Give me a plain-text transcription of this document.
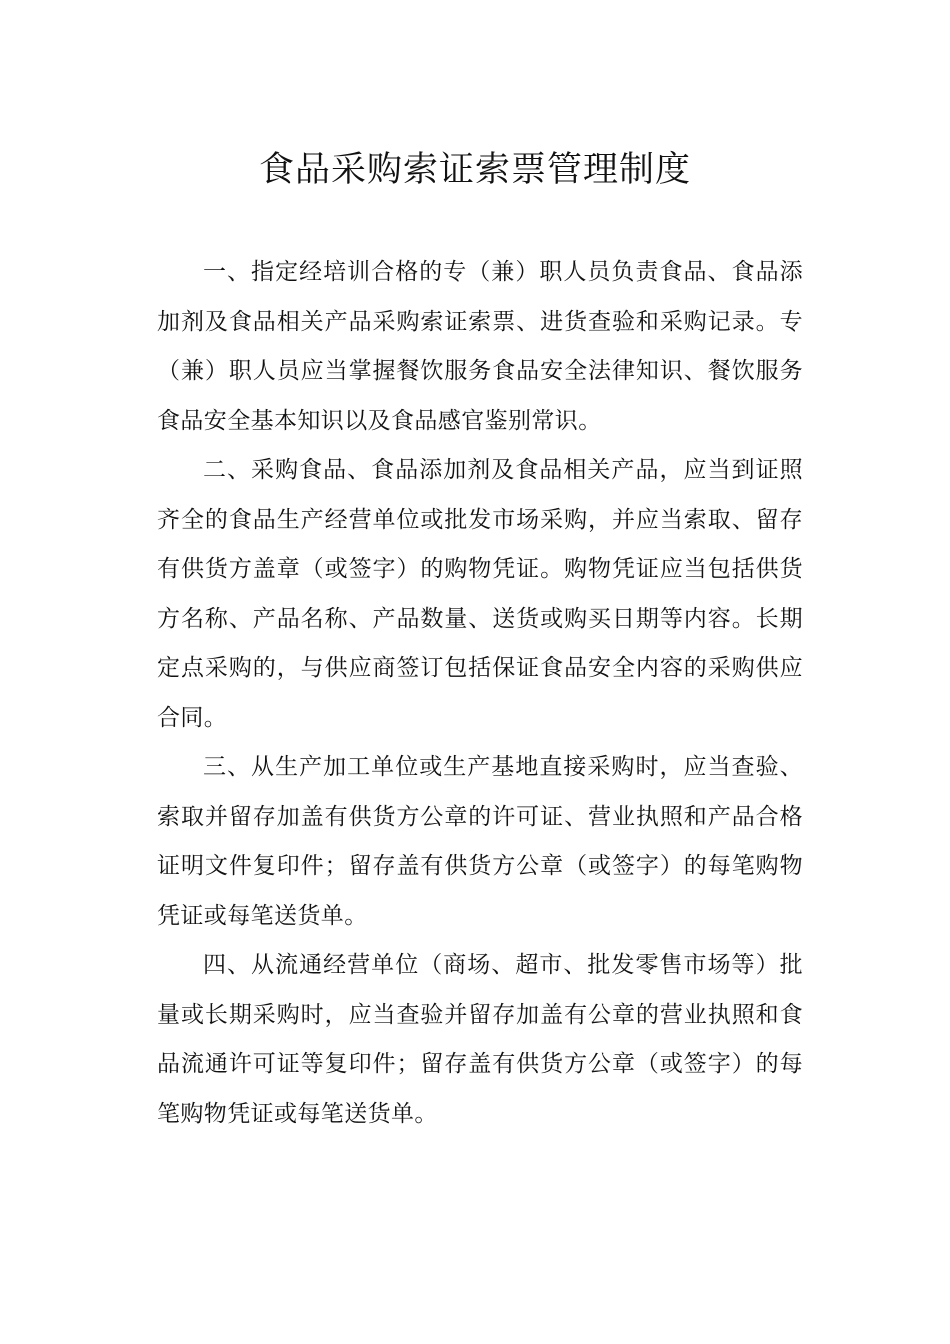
食品采购索证索票管理制度

一、指定经培训合格的专（兼）职人员负责食品、食品添加剂及食品相关产品采购索证索票、进货查验和采购记录。专（兼）职人员应当掌握餐饮服务食品安全法律知识、餐饮服务食品安全基本知识以及食品感官鉴别常识。

二、采购食品、食品添加剂及食品相关产品，应当到证照齐全的食品生产经营单位或批发市场采购，并应当索取、留存有供货方盖章（或签字）的购物凭证。购物凭证应当包括供货方名称、产品名称、产品数量、送货或购买日期等内容。长期定点采购的，与供应商签订包括保证食品安全内容的采购供应合同。

三、从生产加工单位或生产基地直接采购时，应当查验、索取并留存加盖有供货方公章的许可证、营业执照和产品合格证明文件复印件；留存盖有供货方公章（或签字）的每笔购物凭证或每笔送货单。

四、从流通经营单位（商场、超市、批发零售市场等）批量或长期采购时，应当查验并留存加盖有公章的营业执照和食品流通许可证等复印件；留存盖有供货方公章（或签字）的每笔购物凭证或每笔送货单。
